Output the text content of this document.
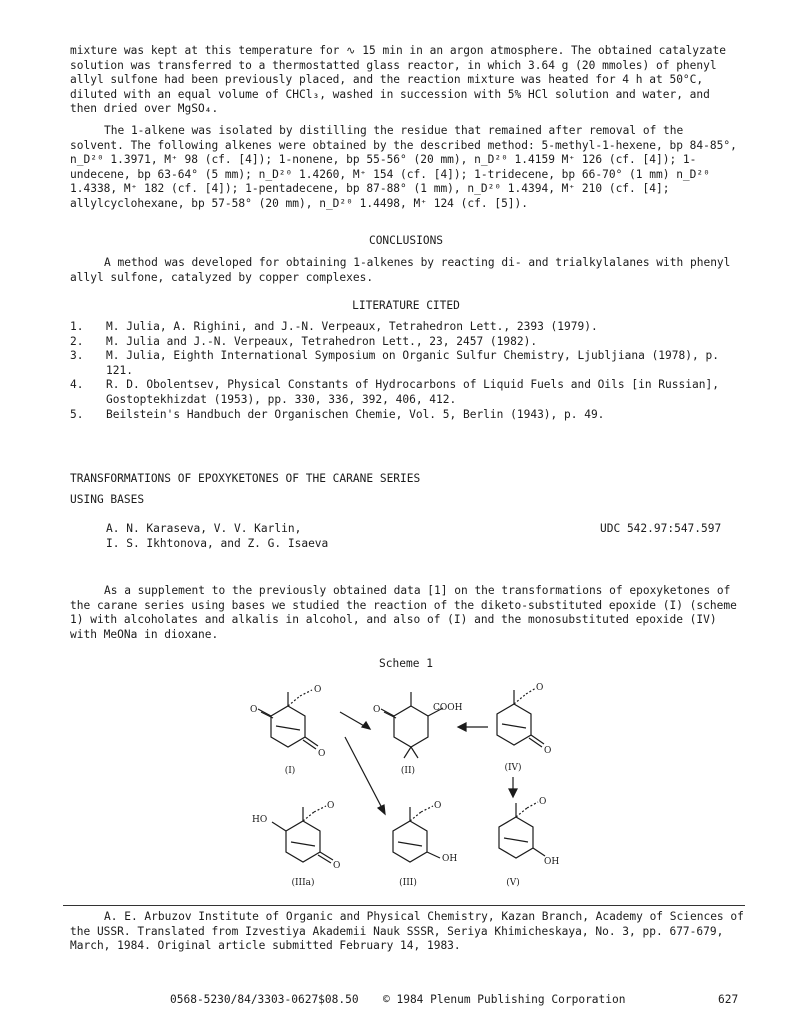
mixture was kept at this temperature for ∿ 15 min in an argon atmosphere. The obtained catalyzate solution was transferred to a thermostatted glass reactor, in which 3.64 g (20 mmoles) of phenyl allyl sulfone had been previously placed, and the reaction mixture was heated for 4 h at 50°C, diluted with an equal volume of CHCl₃, washed in succession with 5% HCl solution and water, and then dried over MgSO₄.

The 1-alkene was isolated by distilling the residue that remained after removal of the solvent. The following alkenes were obtained by the described method: 5-methyl-1-hexene, bp 84-85°, n_D²⁰ 1.3971, M⁺ 98 (cf. [4]); 1-nonene, bp 55-56° (20 mm), n_D²⁰ 1.4159 M⁺ 126 (cf. [4]); 1-undecene, bp 63-64° (5 mm); n_D²⁰ 1.4260, M⁺ 154 (cf. [4]); 1-tridecene, bp 66-70° (1 mm) n_D²⁰ 1.4338, M⁺ 182 (cf. [4]); 1-pentadecene, bp 87-88° (1 mm), n_D²⁰ 1.4394, M⁺ 210 (cf. [4]; allylcyclohexane, bp 57-58° (20 mm), n_D²⁰ 1.4498, M⁺ 124 (cf. [5]).

CONCLUSIONS

A method was developed for obtaining 1-alkenes by reacting di- and trialkylalanes with phenyl allyl sulfone, catalyzed by copper complexes.

LITERATURE CITED
1.	M. Julia, A. Righini, and J.-N. Verpeaux, Tetrahedron Lett., 2393 (1979).
2.	M. Julia and J.-N. Verpeaux, Tetrahedron Lett., 23, 2457 (1982).
3.	M. Julia, Eighth International Symposium on Organic Sulfur Chemistry, Ljubljiana (1978), p. 121.
4.	R. D. Obolentsev, Physical Constants of Hydrocarbons of Liquid Fuels and Oils [in Russian], Gostoptekhizdat (1953), pp. 330, 336, 392, 406, 412.
5.	Beilstein's Handbuch der Organischen Chemie, Vol. 5, Berlin (1943), p. 49.

TRANSFORMATIONS OF EPOXYKETONES OF THE CARANE SERIES

USING BASES

A. N. Karaseva, V. V. Karlin,

I. S. Ikhtonova, and Z. G. Isaeva

UDC 542.97:547.597

As a supplement to the previously obtained data [1] on the transformations of epoxyketones of the carane series using bases we studied the reaction of the diketo-substituted epoxide (I) (scheme 1) with alcoholates and alkalis in alcohol, and also of (I) and the monosubstituted epoxide (IV) with MeONa in dioxane.

Scheme 1
(I)	(II)	(IV)
(IIIa)	(III)	(V)
COOH
HO
OH	OH
O
O
O
O
O
O
O
O
O	O

A. E. Arbuzov Institute of Organic and Physical Chemistry, Kazan Branch, Academy of Sciences of the USSR. Translated from Izvestiya Akademii Nauk SSSR, Seriya Khimicheskaya, No. 3, pp. 677-679, March, 1984. Original article submitted February 14, 1983.

0568-5230/84/3303-0627$08.50 © 1984 Plenum Publishing Corporation	627
